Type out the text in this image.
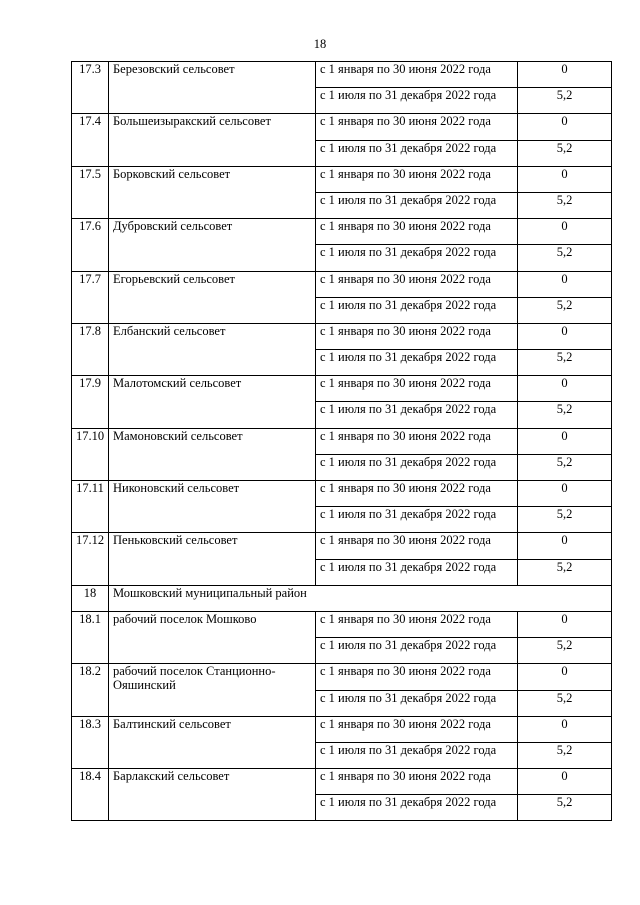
18
17.3	Березовский сельсовет	с 1 января по 30 июня 2022 года	0
		с 1 июля по 31 декабря 2022 года	5,2
17.4	Большеизыракский сельсовет	с 1 января по 30 июня 2022 года	0
		с 1 июля по 31 декабря 2022 года	5,2
17.5	Борковский сельсовет	с 1 января по 30 июня 2022 года	0
		с 1 июля по 31 декабря 2022 года	5,2
17.6	Дубровский сельсовет	с 1 января по 30 июня 2022 года	0
		с 1 июля по 31 декабря 2022 года	5,2
17.7	Егорьевский сельсовет	с 1 января по 30 июня 2022 года	0
		с 1 июля по 31 декабря 2022 года	5,2
17.8	Елбанский сельсовет	с 1 января по 30 июня 2022 года	0
		с 1 июля по 31 декабря 2022 года	5,2
17.9	Малотомский сельсовет	с 1 января по 30 июня 2022 года	0
		с 1 июля по 31 декабря 2022 года	5,2
17.10	Мамоновский сельсовет	с 1 января по 30 июня 2022 года	0
		с 1 июля по 31 декабря 2022 года	5,2
17.11	Никоновский сельсовет	с 1 января по 30 июня 2022 года	0
		с 1 июля по 31 декабря 2022 года	5,2
17.12	Пеньковский сельсовет	с 1 января по 30 июня 2022 года	0
		с 1 июля по 31 декабря 2022 года	5,2
18	Мошковский муниципальный район		
18.1	рабочий поселок Мошково	с 1 января по 30 июня 2022 года	0
		с 1 июля по 31 декабря 2022 года	5,2
18.2	рабочий поселок Станционно-Ояшинский	с 1 января по 30 июня 2022 года	0
		с 1 июля по 31 декабря 2022 года	5,2
18.3	Балтинский сельсовет	с 1 января по 30 июня 2022 года	0
		с 1 июля по 31 декабря 2022 года	5,2
18.4	Барлакский сельсовет	с 1 января по 30 июня 2022 года	0
		с 1 июля по 31 декабря 2022 года	5,2
